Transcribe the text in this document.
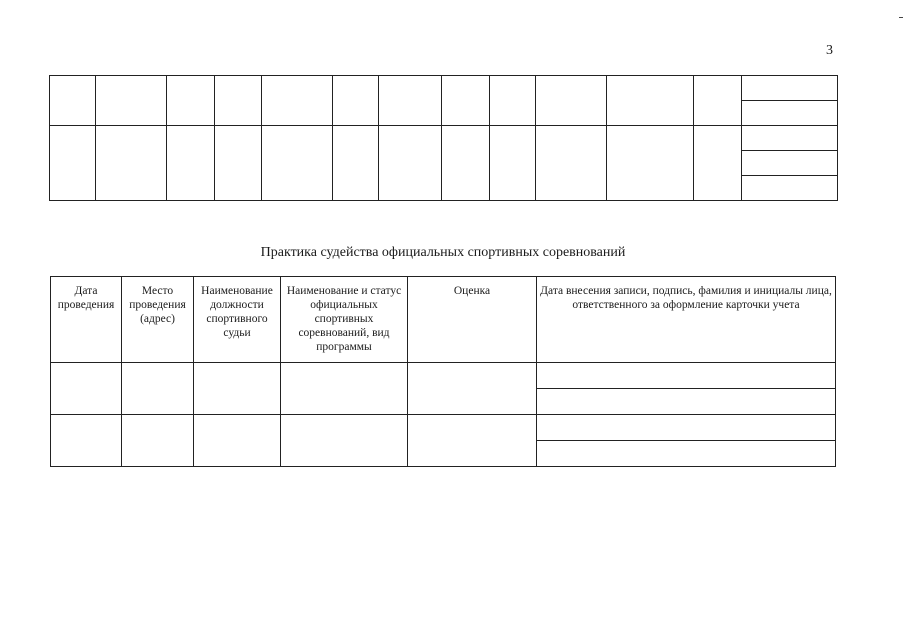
3

Практика судейства официальных спортивных соревнований
Дата проведения	Место проведения (адрес)	Наименование должности спортивного судьи	Наименование и статус официальных спортивных соревнований, вид программы	Оценка	Дата внесения записи, подпись, фамилия и инициалы лица, ответственного за оформление карточки учета
